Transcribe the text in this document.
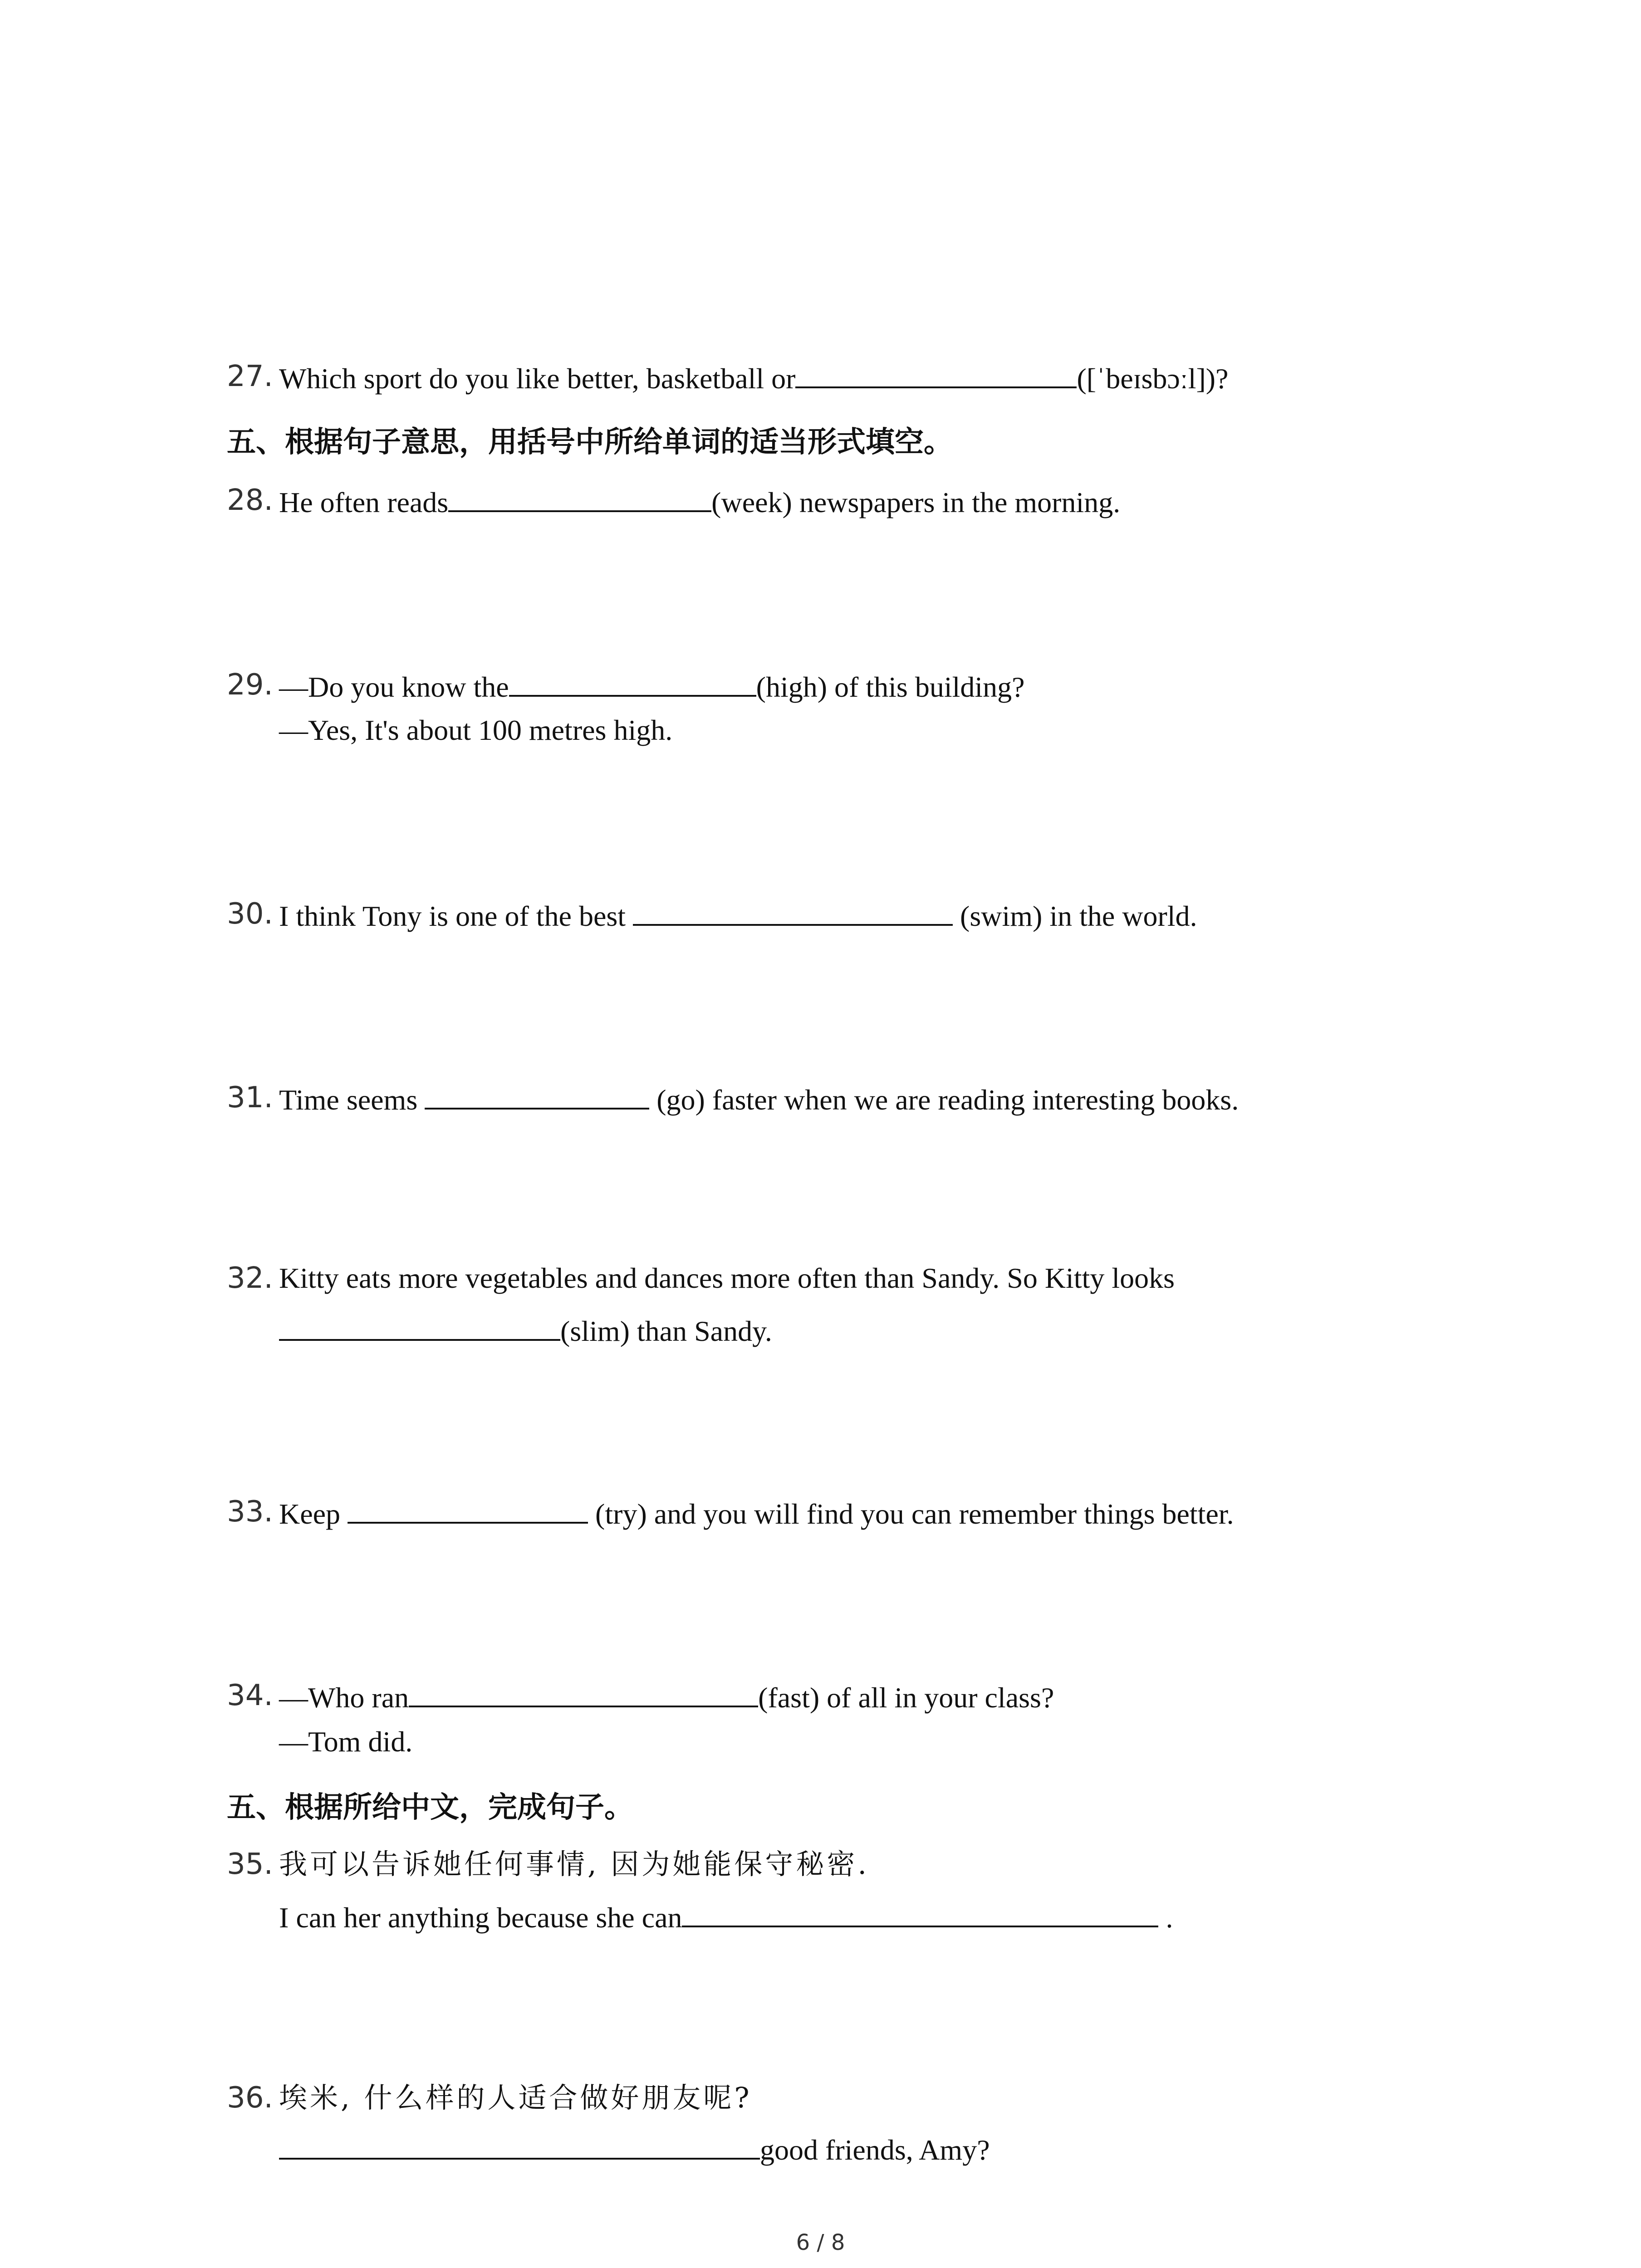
27. Which sport do you like better, basketball or	([ˈbeɪsbɔːl])?
五、根据句子意思，用括号中所给单词的适当形式填空。
28. He often reads	(week) newspapers in the morning.
29. —Do you know the	(high) of this building?
—Yes, It's about 100 metres high.
30. I think Tony is one of the best	(swim) in the world.
31. Time seems	(go) faster when we are reading interesting books.
32. Kitty eats more vegetables and dances more often than Sandy. So Kitty looks
(slim) than Sandy.
33. Keep	(try) and you will find you can remember things better.
34. —Who ran	(fast) of all in your class?
—Tom did.
五、根据所给中文，完成句子。
35. 我可以告诉她任何事情, 因为她能保守秘密.
I can her anything because she can	.
36. 埃米, 什么样的人适合做好朋友呢?
good friends, Amy?
6 / 8
